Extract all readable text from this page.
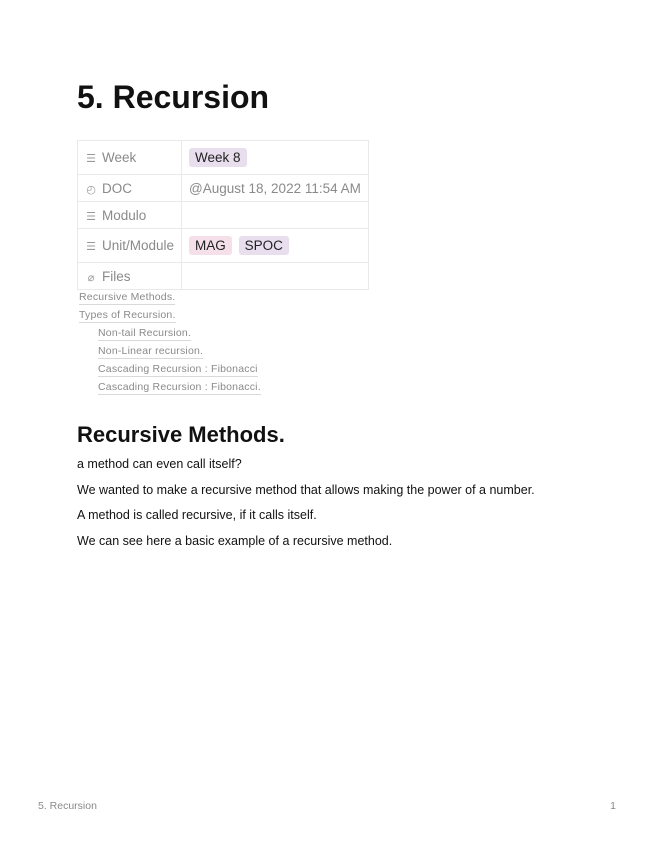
5. Recursion
☰ Week	Week 8
◴ DOC	@August 18, 2022 11:54 AM
☰ Modulo	
☰ Unit/Module	MAG SPOC
⌀ Files	
Recursive Methods.
Types of Recursion.
Non-tail Recursion.
Non-Linear recursion.
Cascading Recursion : Fibonacci
Cascading Recursion : Fibonacci.
Recursive Methods.

a method can even call itself?

We wanted to make a recursive method that allows making the power of a number.

A method is called recursive, if it calls itself.

We can see here a basic example of a recursive method.

5. Recursion	1
